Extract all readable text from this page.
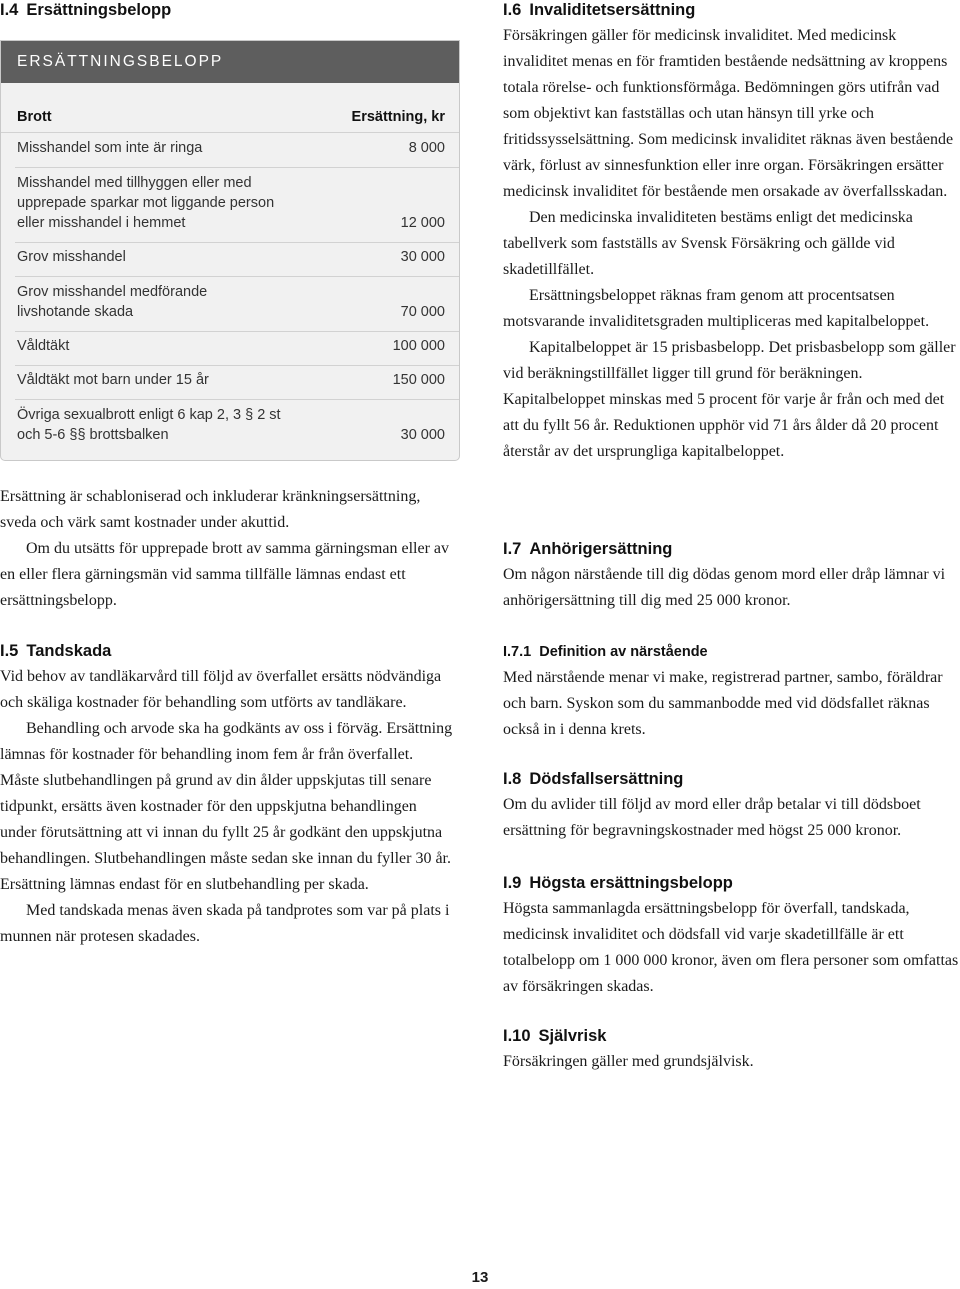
I.4 Ersättningsbelopp
ERSÄTTNINGSBELOPP
Brott	Ersättning, kr
Misshandel som inte är ringa	8 000
Misshandel med tillhyggen eller med upprepade sparkar mot liggande person eller misshandel i hemmet	12 000
Grov misshandel	30 000
Grov misshandel medförande livshotande skada	70 000
Våldtäkt	100 000
Våldtäkt mot barn under 15 år	150 000
Övriga sexualbrott enligt 6 kap 2, 3 § 2 st och 5-6 §§ brottsbalken	30 000

Ersättning är schabloniserad och inkluderar kränkningsersättning, sveda och värk samt kostnader under akuttid.

Om du utsätts för upprepade brott av samma gärningsman eller av en eller flera gärningsmän vid samma tillfälle lämnas endast ett ersättningsbelopp.

I.5 Tandskada

Vid behov av tandläkarvård till följd av överfallet ersätts nödvändiga och skäliga kostnader för behandling som utförts av tandläkare.

Behandling och arvode ska ha godkänts av oss i förväg. Ersättning lämnas för kostnader för behandling inom fem år från överfallet. Måste slutbehandlingen på grund av din ålder uppskjutas till senare tidpunkt, ersätts även kostnader för den uppskjutna behandlingen under förutsättning att vi innan du fyllt 25 år godkänt den uppskjutna behandlingen. Slutbehandlingen måste sedan ske innan du fyller 30 år. Ersättning lämnas endast för en slutbehandling per skada.

Med tandskada menas även skada på tandprotes som var på plats i munnen när protesen skadades.

I.6 Invaliditetsersättning

Försäkringen gäller för medicinsk invaliditet. Med medicinsk invaliditet menas en för framtiden bestående nedsättning av kroppens totala rörelse- och funktionsförmåga. Bedömningen görs utifrån vad som objektivt kan fastställas och utan hänsyn till yrke och fritidssysselsättning. Som medicinsk invaliditet räknas även bestående värk, förlust av sinnesfunktion eller inre organ. Försäkringen ersätter medicinsk invaliditet för bestående men orsakade av överfallsskadan.

Den medicinska invaliditeten bestäms enligt det medicinska tabellverk som fastställs av Svensk Försäkring och gällde vid skadetillfället.

Ersättningsbeloppet räknas fram genom att procentsatsen motsvarande invaliditetsgraden multipliceras med kapitalbeloppet.

Kapitalbeloppet är 15 prisbasbelopp. Det prisbasbelopp som gäller vid beräkningstillfället ligger till grund för beräkningen. Kapitalbeloppet minskas med 5 procent för varje år från och med det att du fyllt 56 år. Reduktionen upphör vid 71 års ålder då 20 procent återstår av det ursprungliga kapitalbeloppet.

I.7 Anhörigersättning

Om någon närstående till dig dödas genom mord eller dråp lämnar vi anhörigersättning till dig med 25 000 kronor.

I.7.1 Definition av närstående

Med närstående menar vi make, registrerad partner, sambo, föräldrar och barn. Syskon som du sammanbodde med vid dödsfallet räknas också in i denna krets.

I.8 Dödsfallsersättning

Om du avlider till följd av mord eller dråp betalar vi till dödsboet ersättning för begravningskostnader med högst 25 000 kronor.

I.9 Högsta ersättningsbelopp

Högsta sammanlagda ersättningsbelopp för överfall, tandskada, medicinsk invaliditet och dödsfall vid varje skadetillfälle är ett totalbelopp om 1 000 000 kronor, även om flera personer som omfattas av försäkringen skadas.

I.10 Självrisk

Försäkringen gäller med grundsjälvisk.

13
